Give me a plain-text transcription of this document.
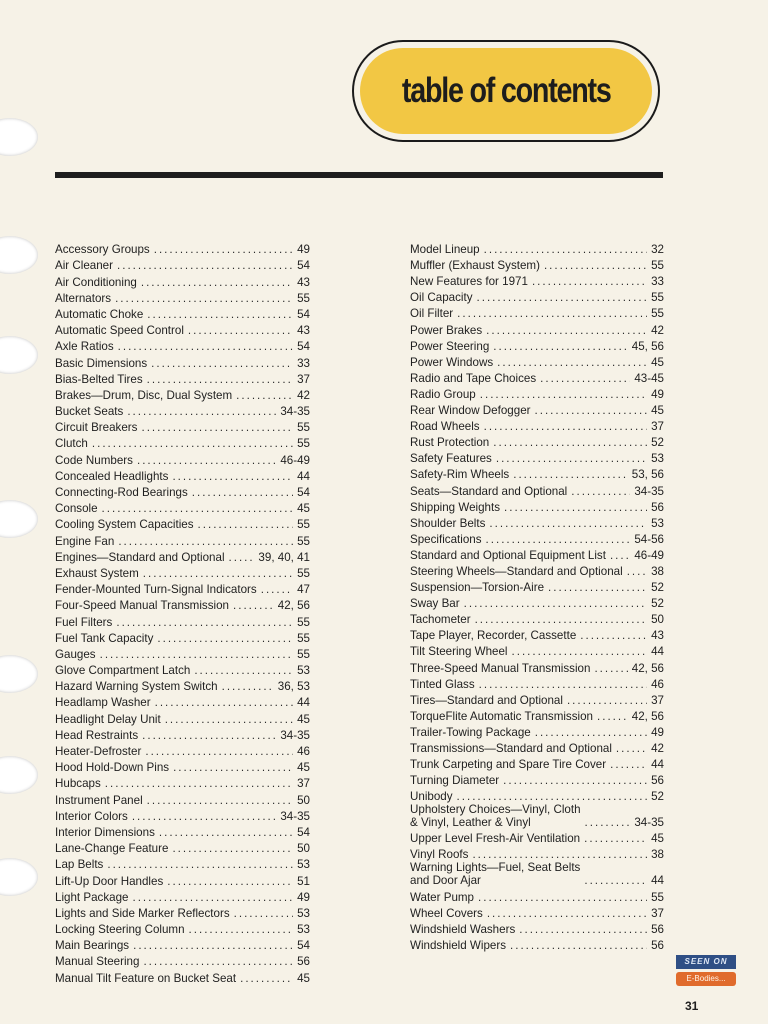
table of contents
Accessory Groups .....	49
Air Cleaner .....	54
Air Conditioning .....	43
Alternators .....	55
Automatic Choke .....	54
Automatic Speed Control .....	43
Axle Ratios .....	54
Basic Dimensions .....	33
Bias-Belted Tires .....	37
Brakes—Drum, Disc, Dual System .....	42
Bucket Seats .....	34-35
Circuit Breakers .....	55
Clutch .....	55
Code Numbers .....	46-49
Concealed Headlights .....	44
Connecting-Rod Bearings .....	54
Console .....	45
Cooling System Capacities .....	55
Engine Fan .....	55
Engines—Standard and Optional .....	39, 40, 41
Exhaust System .....	55
Fender-Mounted Turn-Signal Indicators .....	47
Four-Speed Manual Transmission .....	42, 56
Fuel Filters .....	55
Fuel Tank Capacity .....	55
Gauges .....	55
Glove Compartment Latch .....	53
Hazard Warning System Switch .....	36, 53
Headlamp Washer .....	44
Headlight Delay Unit .....	45
Head Restraints .....	34-35
Heater-Defroster .....	46
Hood Hold-Down Pins .....	45
Hubcaps .....	37
Instrument Panel .....	50
Interior Colors .....	34-35
Interior Dimensions .....	54
Lane-Change Feature .....	50
Lap Belts .....	53
Lift-Up Door Handles .....	51
Light Package .....	49
Lights and Side Marker Reflectors .....	53
Locking Steering Column .....	53
Main Bearings .....	54
Manual Steering .....	56
Manual Tilt Feature on Bucket Seat .....	45
Model Lineup .....	32
Muffler (Exhaust System) .....	55
New Features for 1971 .....	33
Oil Capacity .....	55
Oil Filter .....	55
Power Brakes .....	42
Power Steering .....	45, 56
Power Windows .....	45
Radio and Tape Choices .....	43-45
Radio Group .....	49
Rear Window Defogger .....	45
Road Wheels .....	37
Rust Protection .....	52
Safety Features .....	53
Safety-Rim Wheels .....	53, 56
Seats—Standard and Optional .....	34-35
Shipping Weights .....	56
Shoulder Belts .....	53
Specifications .....	54-56
Standard and Optional Equipment List ..... 46-49
Steering Wheels—Standard and Optional ..... 38
Suspension—Torsion-Aire .....	52
Sway Bar .....	52
Tachometer .....	50
Tape Player, Recorder, Cassette .....	43
Tilt Steering Wheel .....	44
Three-Speed Manual Transmission .....	42, 56
Tinted Glass .....	46
Tires—Standard and Optional .....	37
TorqueFlite Automatic Transmission .....	42, 56
Trailer-Towing Package .....	49
Transmissions—Standard and Optional .....	42
Trunk Carpeting and Spare Tire Cover .....	44
Turning Diameter .....	56
Unibody .....	52
Upholstery Choices—Vinyl, Cloth
& Vinyl, Leather & Vinyl .....	34-35
Upper Level Fresh-Air Ventilation .....	45
Vinyl Roofs .....	38
Warning Lights—Fuel, Seat Belts
and Door Ajar .....	44
Water Pump .....	55
Wheel Covers .....	37
Windshield Washers .....	56
Windshield Wipers .....	56
SEEN ON
E-Bodies...
31
